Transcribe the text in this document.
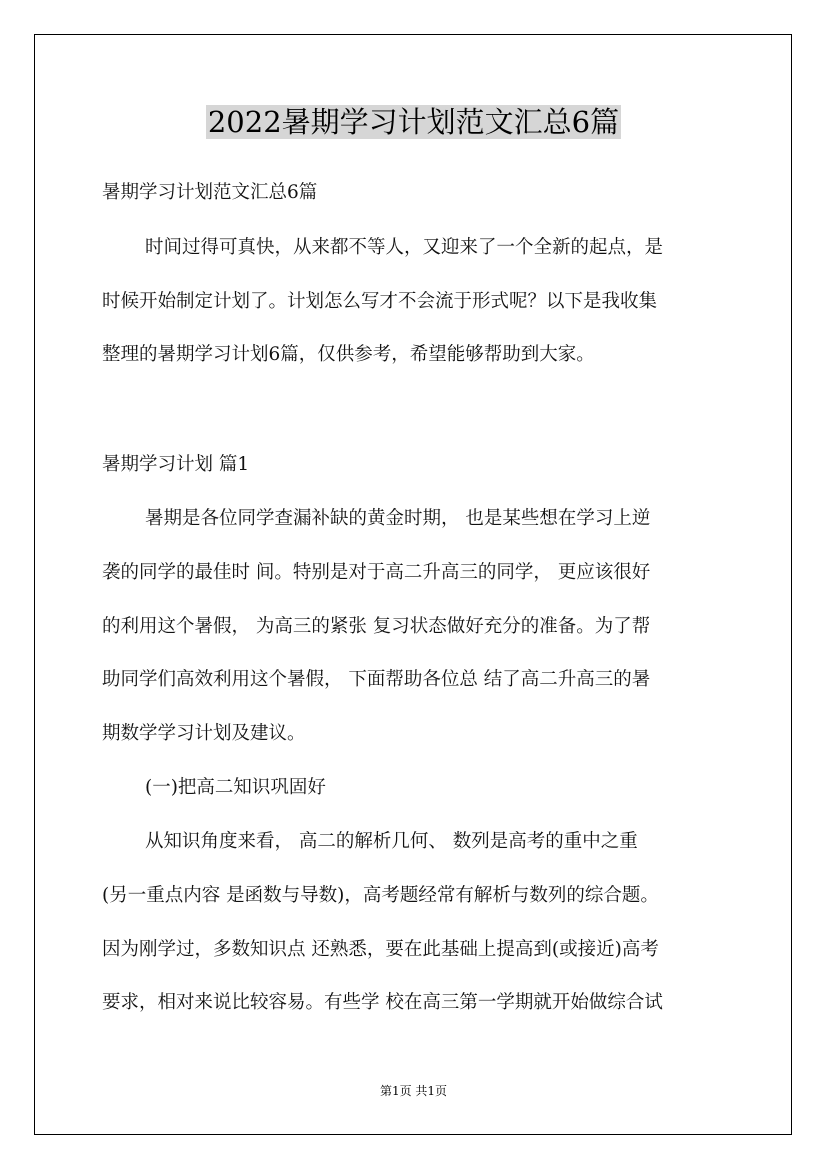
2022暑期学习计划范文汇总6篇
暑期学习计划范文汇总6篇
时间过得可真快，从来都不等人，又迎来了一个全新的起点，是
时候开始制定计划了。计划怎么写才不会流于形式呢？以下是我收集
整理的暑期学习计划6篇，仅供参考，希望能够帮助到大家。
暑期学习计划 篇1
暑期是各位同学查漏补缺的黄金时期， 也是某些想在学习上逆
袭的同学的最佳时 间。特别是对于高二升高三的同学， 更应该很好
的利用这个暑假， 为高三的紧张 复习状态做好充分的准备。为了帮
助同学们高效利用这个暑假， 下面帮助各位总 结了高二升高三的暑
期数学学习计划及建议。
(一)把高二知识巩固好
从知识角度来看， 高二的解析几何、 数列是高考的重中之重
(另一重点内容 是函数与导数)，高考题经常有解析与数列的综合题。
因为刚学过，多数知识点 还熟悉，要在此基础上提高到(或接近)高考
要求，相对来说比较容易。有些学 校在高三第一学期就开始做综合试
第1页 共1页
